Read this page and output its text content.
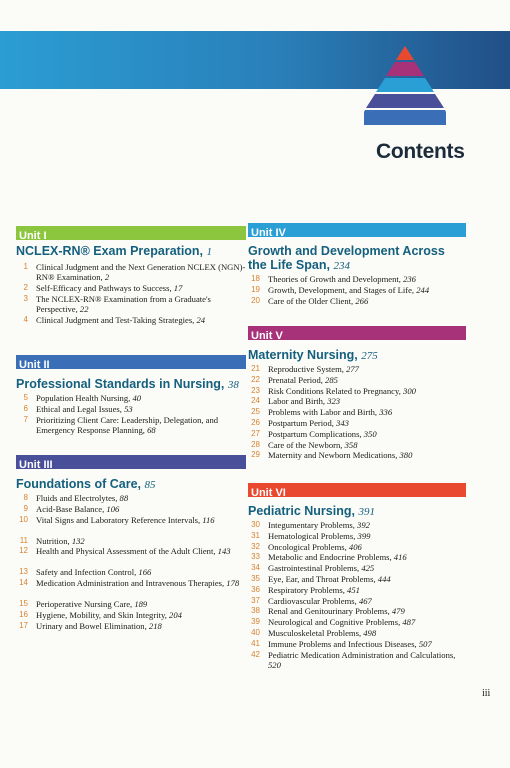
Contents
Unit I
NCLEX-RN® Exam Preparation, 1
1 Clinical Judgment and the Next Generation NCLEX (NGN)-RN® Examination, 2
2 Self-Efficacy and Pathways to Success, 17
3 The NCLEX-RN® Examination from a Graduate's Perspective, 22
4 Clinical Judgment and Test-Taking Strategies, 24
Unit II
Professional Standards in Nursing, 38
5 Population Health Nursing, 40
6 Ethical and Legal Issues, 53
7 Prioritizing Client Care: Leadership, Delegation, and Emergency Response Planning, 68
Unit III
Foundations of Care, 85
8 Fluids and Electrolytes, 88
9 Acid-Base Balance, 106
10 Vital Signs and Laboratory Reference Intervals, 116
11 Nutrition, 132
12 Health and Physical Assessment of the Adult Client, 143
13 Safety and Infection Control, 166
14 Medication Administration and Intravenous Therapies, 178
15 Perioperative Nursing Care, 189
16 Hygiene, Mobility, and Skin Integrity, 204
17 Urinary and Bowel Elimination, 218
Unit IV
Growth and Development Across the Life Span, 234
18 Theories of Growth and Development, 236
19 Growth, Development, and Stages of Life, 244
20 Care of the Older Client, 266
Unit V
Maternity Nursing, 275
21 Reproductive System, 277
22 Prenatal Period, 285
23 Risk Conditions Related to Pregnancy, 300
24 Labor and Birth, 323
25 Problems with Labor and Birth, 336
26 Postpartum Period, 343
27 Postpartum Complications, 350
28 Care of the Newborn, 358
29 Maternity and Newborn Medications, 380
Unit VI
Pediatric Nursing, 391
30 Integumentary Problems, 392
31 Hematological Problems, 399
32 Oncological Problems, 406
33 Metabolic and Endocrine Problems, 416
34 Gastrointestinal Problems, 425
35 Eye, Ear, and Throat Problems, 444
36 Respiratory Problems, 451
37 Cardiovascular Problems, 467
38 Renal and Genitourinary Problems, 479
39 Neurological and Cognitive Problems, 487
40 Musculoskeletal Problems, 498
41 Immune Problems and Infectious Diseases, 507
42 Pediatric Medication Administration and Calculations, 520
iii
